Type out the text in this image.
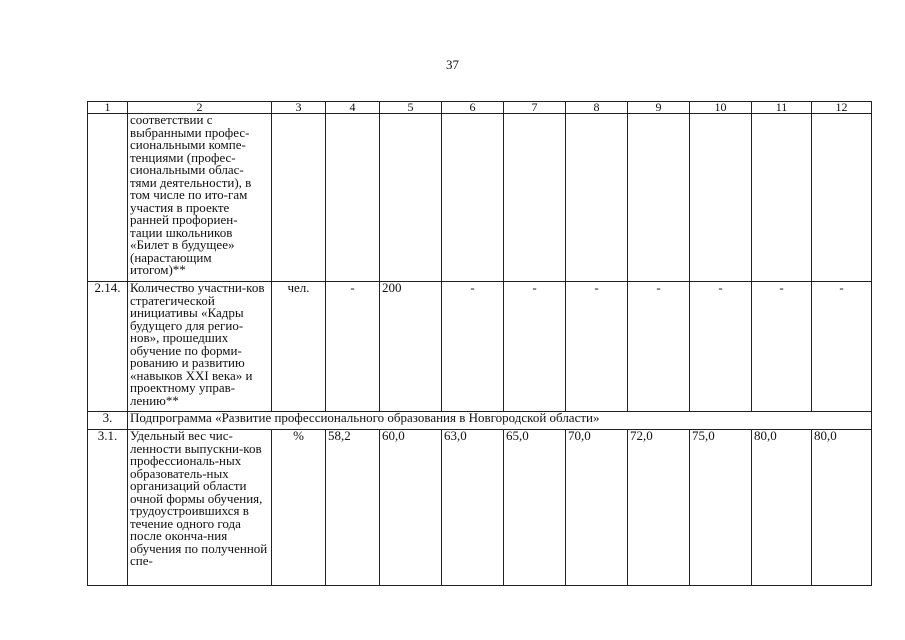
37
1	2	3	4	5	6	7	8	9	10	11	12
	соответствии с выбранными профес-сиональными компе-тенциями (профес-сиональными облас-тями деятельности), в том числе по ито-гам участия в проекте ранней профориен-тации школьников «Билет в будущее» (нарастающим итогом)**										
2.14.	Количество участни-ков стратегической инициативы «Кадры будущего для регио-нов», прошедших обучение по форми-рованию и развитию «навыков XXI века» и проектному управ-лению**	чел.	-	200	-	-	-	-	-	-	-
3.	Подпрограмма «Развитие профессионального образования в Новгородской области»										
3.1.	Удельный вес чис-ленности выпускни-ков профессиональ-ных образователь-ных организаций области очной формы обучения, трудоустроившихся в течение одного года после оконча-ния обучения по полученной спе-	%	58,2	60,0	63,0	65,0	70,0	72,0	75,0	80,0	80,0
